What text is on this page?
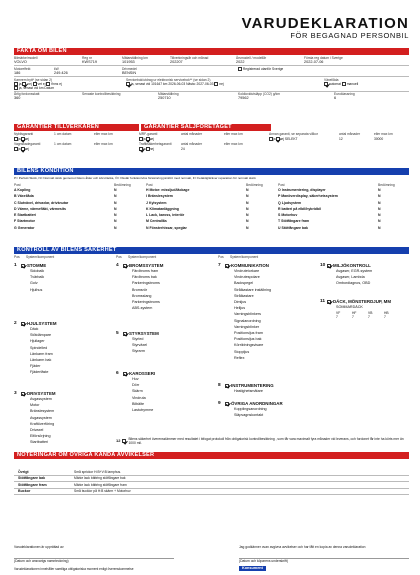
VARUDEKLARATION
FÖR BEGAGNAD PERSONBIL
FAKTA OM BILEN
Bilmärke/modell	Reg nr	Mätarställning km	Tillverkningsår och månad	Årsmodell / modellår	Första reg datum i Sverige
VOLVO	KWS719	101953	202207	2022	2022-07-06
Motoreffekt	kW	Drivmedel
	Registrerad utanför Sverige
186	249.426	BENSIN
Kamrem bytt* (se sidan 2)	Servicebok/utdrag ur elektronisk servicebok** (se sidan 2)	Växellåda

ja

nej

vet ej

finns ej
	ja, senast vid 101647 km
2026-06-03 Nästa: 2027-06-03

nej
	automat

manuell

ja, senast vid km Datum
Årlig fordonsskatt	Senaste kontrollbesiktning	Mätarställning	Koldioxidutsläpp (CO2) g/km	Euroklassning
360	250710	79562	6
GARANTIER TILLVERKAREN	GARANTIER SÄLJFÖRETAGET
Nybilsgaranti	1 om datum	eller max km	MRF-garanti	antal månader	eller max km	Annan garanti, se separata villkor	antal månader	eller max km
ja nej	ja nej	ja nej SELEKT	12	30000
Vagnskadegaranti	1 om datum	eller max km	Trafiksäkerhetsgaranti	antal månader	eller max km
ja nej	nej	24
BILENS KONDITION
P= Perfekt Skick, N= Normalt skick gentemot bilens ålder och körsträcka, Ö= Okulär funktion/viss försämring jämfört med normalt, F= Felaktig/kräver reparation för normalt skick
Post	Bedömning
A Kopling	N
B Växellåda	N
C Slutväxel, drivaxlar, drivknutar	N
D Värme, värmefläkt, värmesits	N
E Startbatteri	N
F Startmotor	N
G Generator	N
Post	Bedömning
H Motor: missljud/läckage	N
I Bränslesystem	N
J Kylsystem	N
K Klimatanläggning	N
L Lack, kaross, interiör	N
M Centrallås	N
N Fönsterhissar, speglar	N
Post	Bedömning
O Instrumentering, displayer	N
P Manöverdisplay, säkerhetssystem	N
Q Ljudsystem	N
R batteri på elbil/hybridbil	N
S Motorhuv	N
T Stötfångare fram	N
U Stötfångare bak	N
KONTROLL AV BILENS SÄKERHET
Pos	System/komponent	Pos	System/komponent	Pos	System/komponent
1	STOMME
Sidobalk
Tvärbalk
Golv
Hjulhus
2	HJULSYSTEM
Däck
Stötdämpare
Hjullager
Spindelled
Länkarm fram
Länkarm bak
Fjäder
Fjäderfäste
3	DRIVSYSTEM
Avgassystem
Motor
Bränslesystem
Avgassystem
Kraftöverföring
Drivaxel
Elförsörjning
Startbatteri
4	BROMSSYSTEM
Färdbroms fram
Färdbroms bak
Parkeringsbroms
Bromsrör
Bromsslang
Parkeringsbroms
ABS-system
5	STYRSYSTEM
Styrled
Styrväxel
Styrarm
6	KAROSSERI
Huv
Dörr
Skärm
Vindruta
Bilbälte
Lastutrymme
7	KOMMUNIKATION
Vindrutetorkare
Vindrutespolare
Backspegel
Strålkastare inställning
Strålkastare
Dimljus
Helljus
Varningsblinkers
Signalanordning
Varningsblinker
Positionsljus fram
Positionsljus bak
Körriktningsvisare
Stoppljus
Reflex
8	INSTRUMENTERING
Hastighetsmätare
9	ÖVRIGA ANORDNINGAR
Kopplingsanordning
Släpvagnskontakt
10	MILJÖKONTROLL
Avgaser, EGR-system
Avgaser, Lambda
Ombordiagnos, OBD
11	DÄCK, MÖNSTERDJUP, MM
SOMMARDÄCK
VF	HF	VB	HB
7	7	7	7
12 Bilens säkerhet överensstämmer med resultatet i bifogat protokoll från obligatorisk kontrollbesiktning , som får vara maximalt fyra månader vid leverans, och fordonet får inte ha körts mer än 1000 mil.
NOTERINGAR OM ÖVRIGA KÄNDA AVVIKELSER
Övrigt	Små sprickor H:B+V:B lamphus.
Stötfångare bak	Märke lack bättring stötfångare bak
Stötfångare fram	Märke lack bättring stötfångare fram
Buckor	Små bucklor på H:B skärm + Motorhuv
Varudeklarationen är upprättad av	Jag godkänner ovan avgivna avvikelser och har fått en kopia av denna varudeklaration
(Datum och ansvarigs namnteckning)	(Datum och köparens underskrift)
Varudeklarationen innehåller samtliga obligatoriska moment enligt överenskommelse	Konsument
